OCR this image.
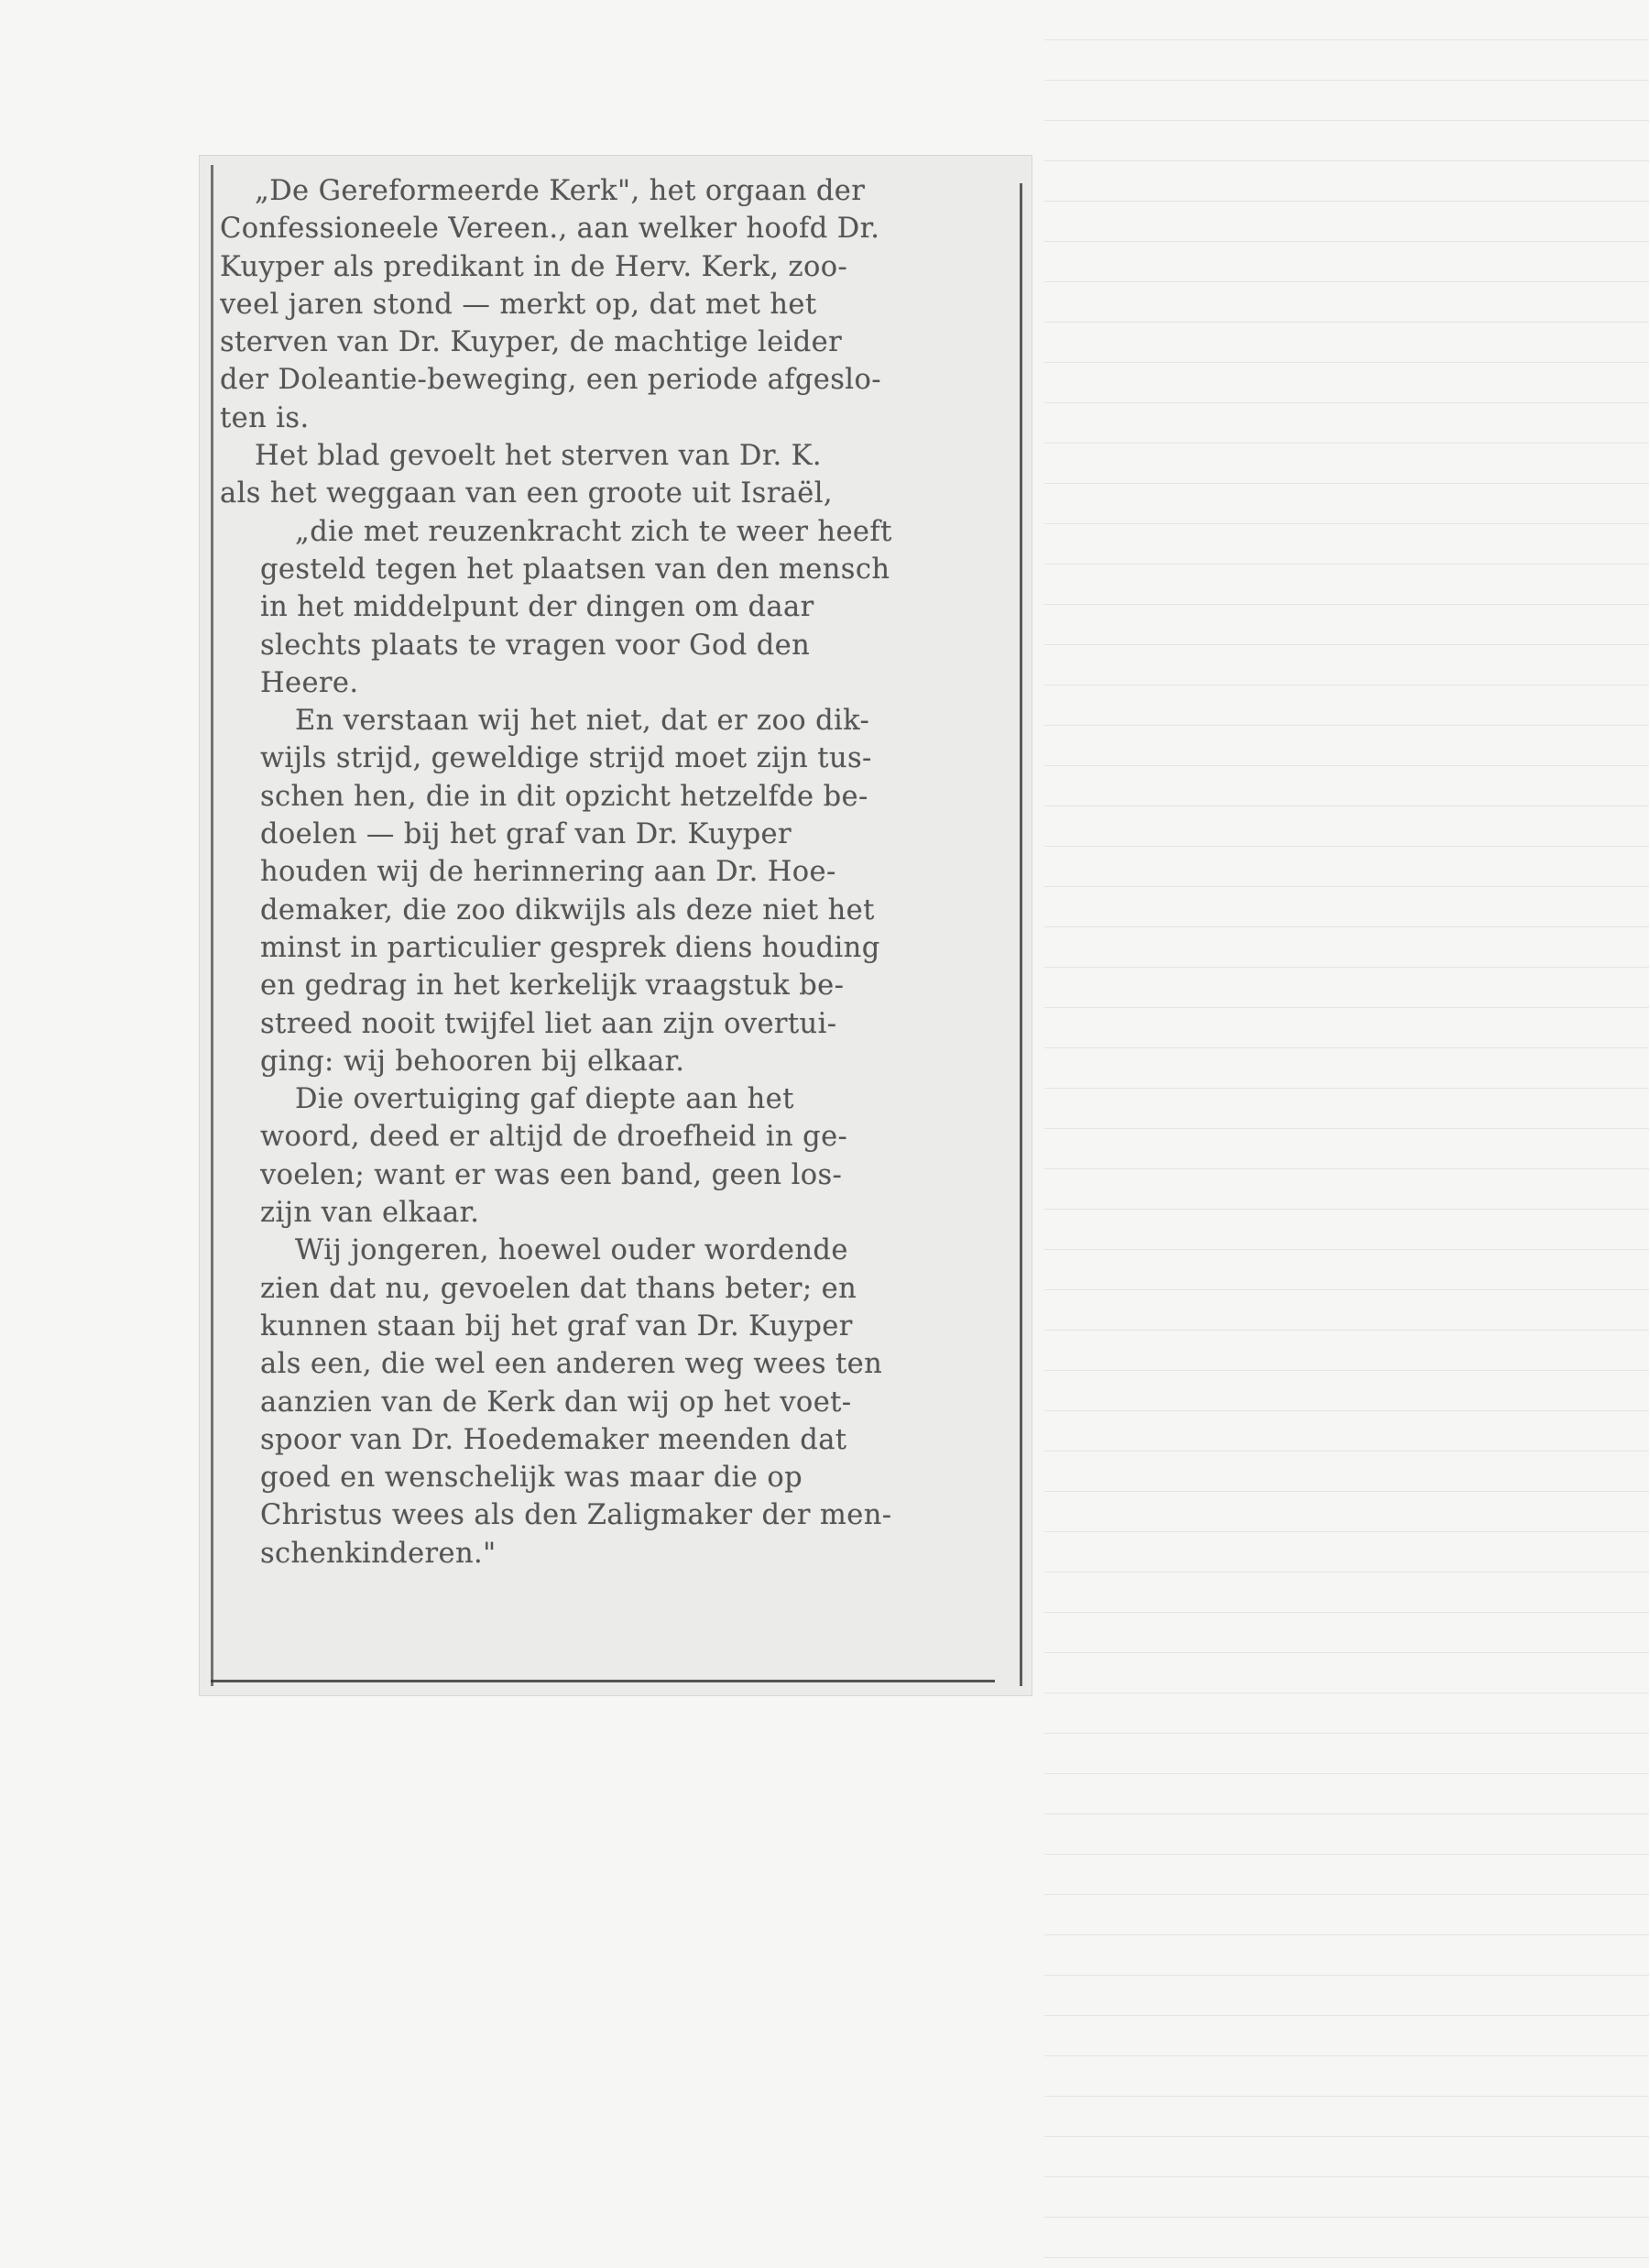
„De Gereformeerde Kerk", het orgaan der
Confessioneele Vereen., aan welker hoofd Dr.
Kuyper als predikant in de Herv. Kerk, zoo-
veel jaren stond — merkt op, dat met het
sterven van Dr. Kuyper, de machtige leider
der Doleantie-beweging, een periode afgeslo-
ten is.
Het blad gevoelt het sterven van Dr. K.
als het weggaan van een groote uit Israël,
„die met reuzenkracht zich te weer heeft
gesteld tegen het plaatsen van den mensch
in het middelpunt der dingen om daar
slechts plaats te vragen voor God den
Heere.
En verstaan wij het niet, dat er zoo dik-
wijls strijd, geweldige strijd moet zijn tus-
schen hen, die in dit opzicht hetzelfde be-
doelen — bij het graf van Dr. Kuyper
houden wij de herinnering aan Dr. Hoe-
demaker, die zoo dikwijls als deze niet het
minst in particulier gesprek diens houding
en gedrag in het kerkelijk vraagstuk be-
streed nooit twijfel liet aan zijn overtui-
ging: wij behooren bij elkaar.
Die overtuiging gaf diepte aan het
woord, deed er altijd de droefheid in ge-
voelen; want er was een band, geen los-
zijn van elkaar.
Wij jongeren, hoewel ouder wordende
zien dat nu, gevoelen dat thans beter; en
kunnen staan bij het graf van Dr. Kuyper
als een, die wel een anderen weg wees ten
aanzien van de Kerk dan wij op het voet-
spoor van Dr. Hoedemaker meenden dat
goed en wenschelijk was maar die op
Christus wees als den Zaligmaker der men-
schenkinderen."
